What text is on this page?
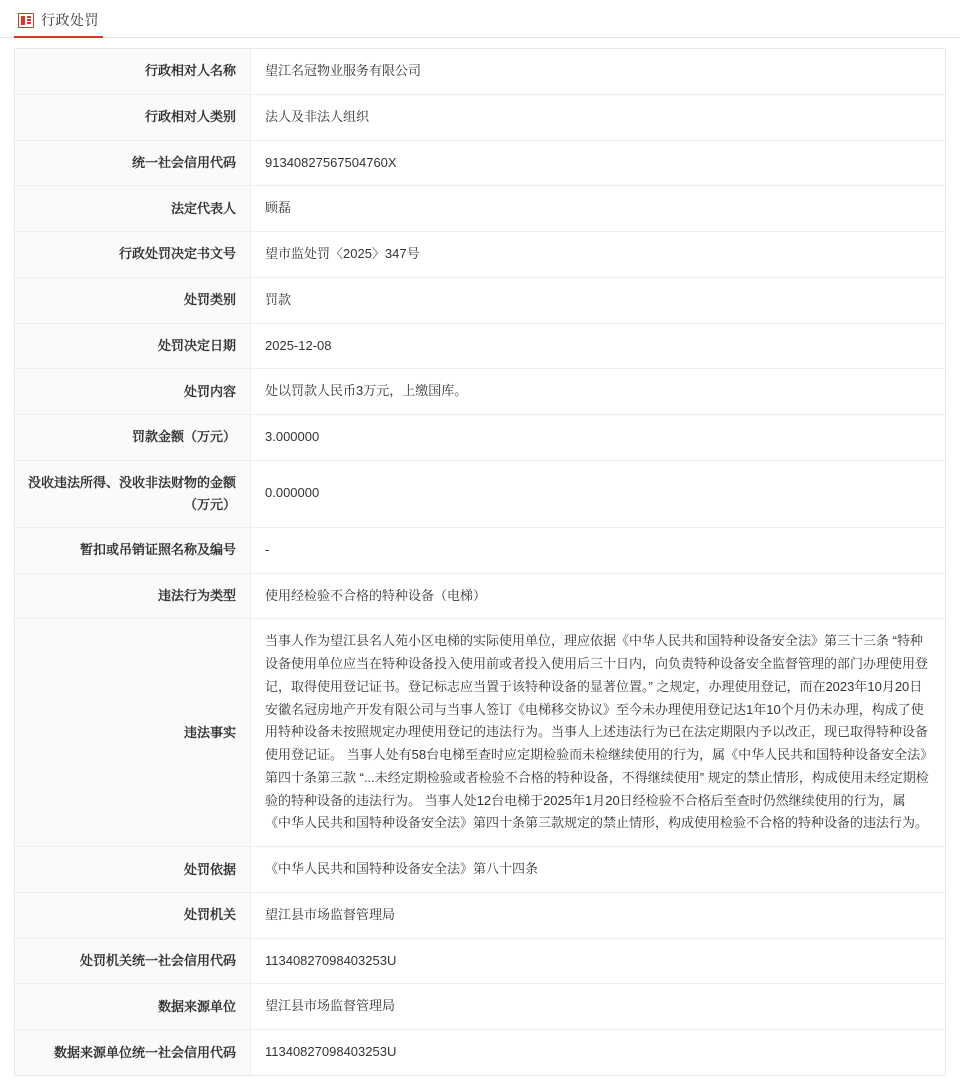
行政处罚
行政相对人名称	望江名冠物业服务有限公司
行政相对人类别	法人及非法人组织
统一社会信用代码	91340827567504760X
法定代表人	顾磊
行政处罚决定书文号	望市监处罚〈2025〉347号
处罚类别	罚款
处罚决定日期	2025-12-08
处罚内容	处以罚款人民币3万元，上缴国库。
罚款金额（万元）	3.000000
没收违法所得、没收非法财物的金额（万元）	0.000000
暂扣或吊销证照名称及编号	-
违法行为类型	使用经检验不合格的特种设备（电梯）
违法事实	当事人作为望江县名人苑小区电梯的实际使用单位，理应依据《中华人民共和国特种设备安全法》第三十三条 “特种设备使用单位应当在特种设备投入使用前或者投入使用后三十日内，向负责特种设备安全监督管理的部门办理使用登记，取得使用登记证书。登记标志应当置于该特种设备的显著位置。” 之规定，办理使用登记，而在2023年10月20日安徽名冠房地产开发有限公司与当事人签订《电梯移交协议》至今未办理使用登记达1年10个月仍未办理，构成了使用特种设备未按照规定办理使用登记的违法行为。当事人上述违法行为已在法定期限内予以改正，现已取得特种设备使用登记证。 当事人处有58台电梯至查时应定期检验而未检继续使用的行为，属《中华人民共和国特种设备安全法》第四十条第三款 “...未经定期检验或者检验不合格的特种设备，不得继续使用” 规定的禁止情形，构成使用未经定期检验的特种设备的违法行为。 当事人处12台电梯于2025年1月20日经检验不合格后至查时仍然继续使用的行为，属《中华人民共和国特种设备安全法》第四十条第三款规定的禁止情形，构成使用检验不合格的特种设备的违法行为。
处罚依据	《中华人民共和国特种设备安全法》第八十四条
处罚机关	望江县市场监督管理局
处罚机关统一社会信用代码	11340827098403253U
数据来源单位	望江县市场监督管理局
数据来源单位统一社会信用代码	11340827098403253U
